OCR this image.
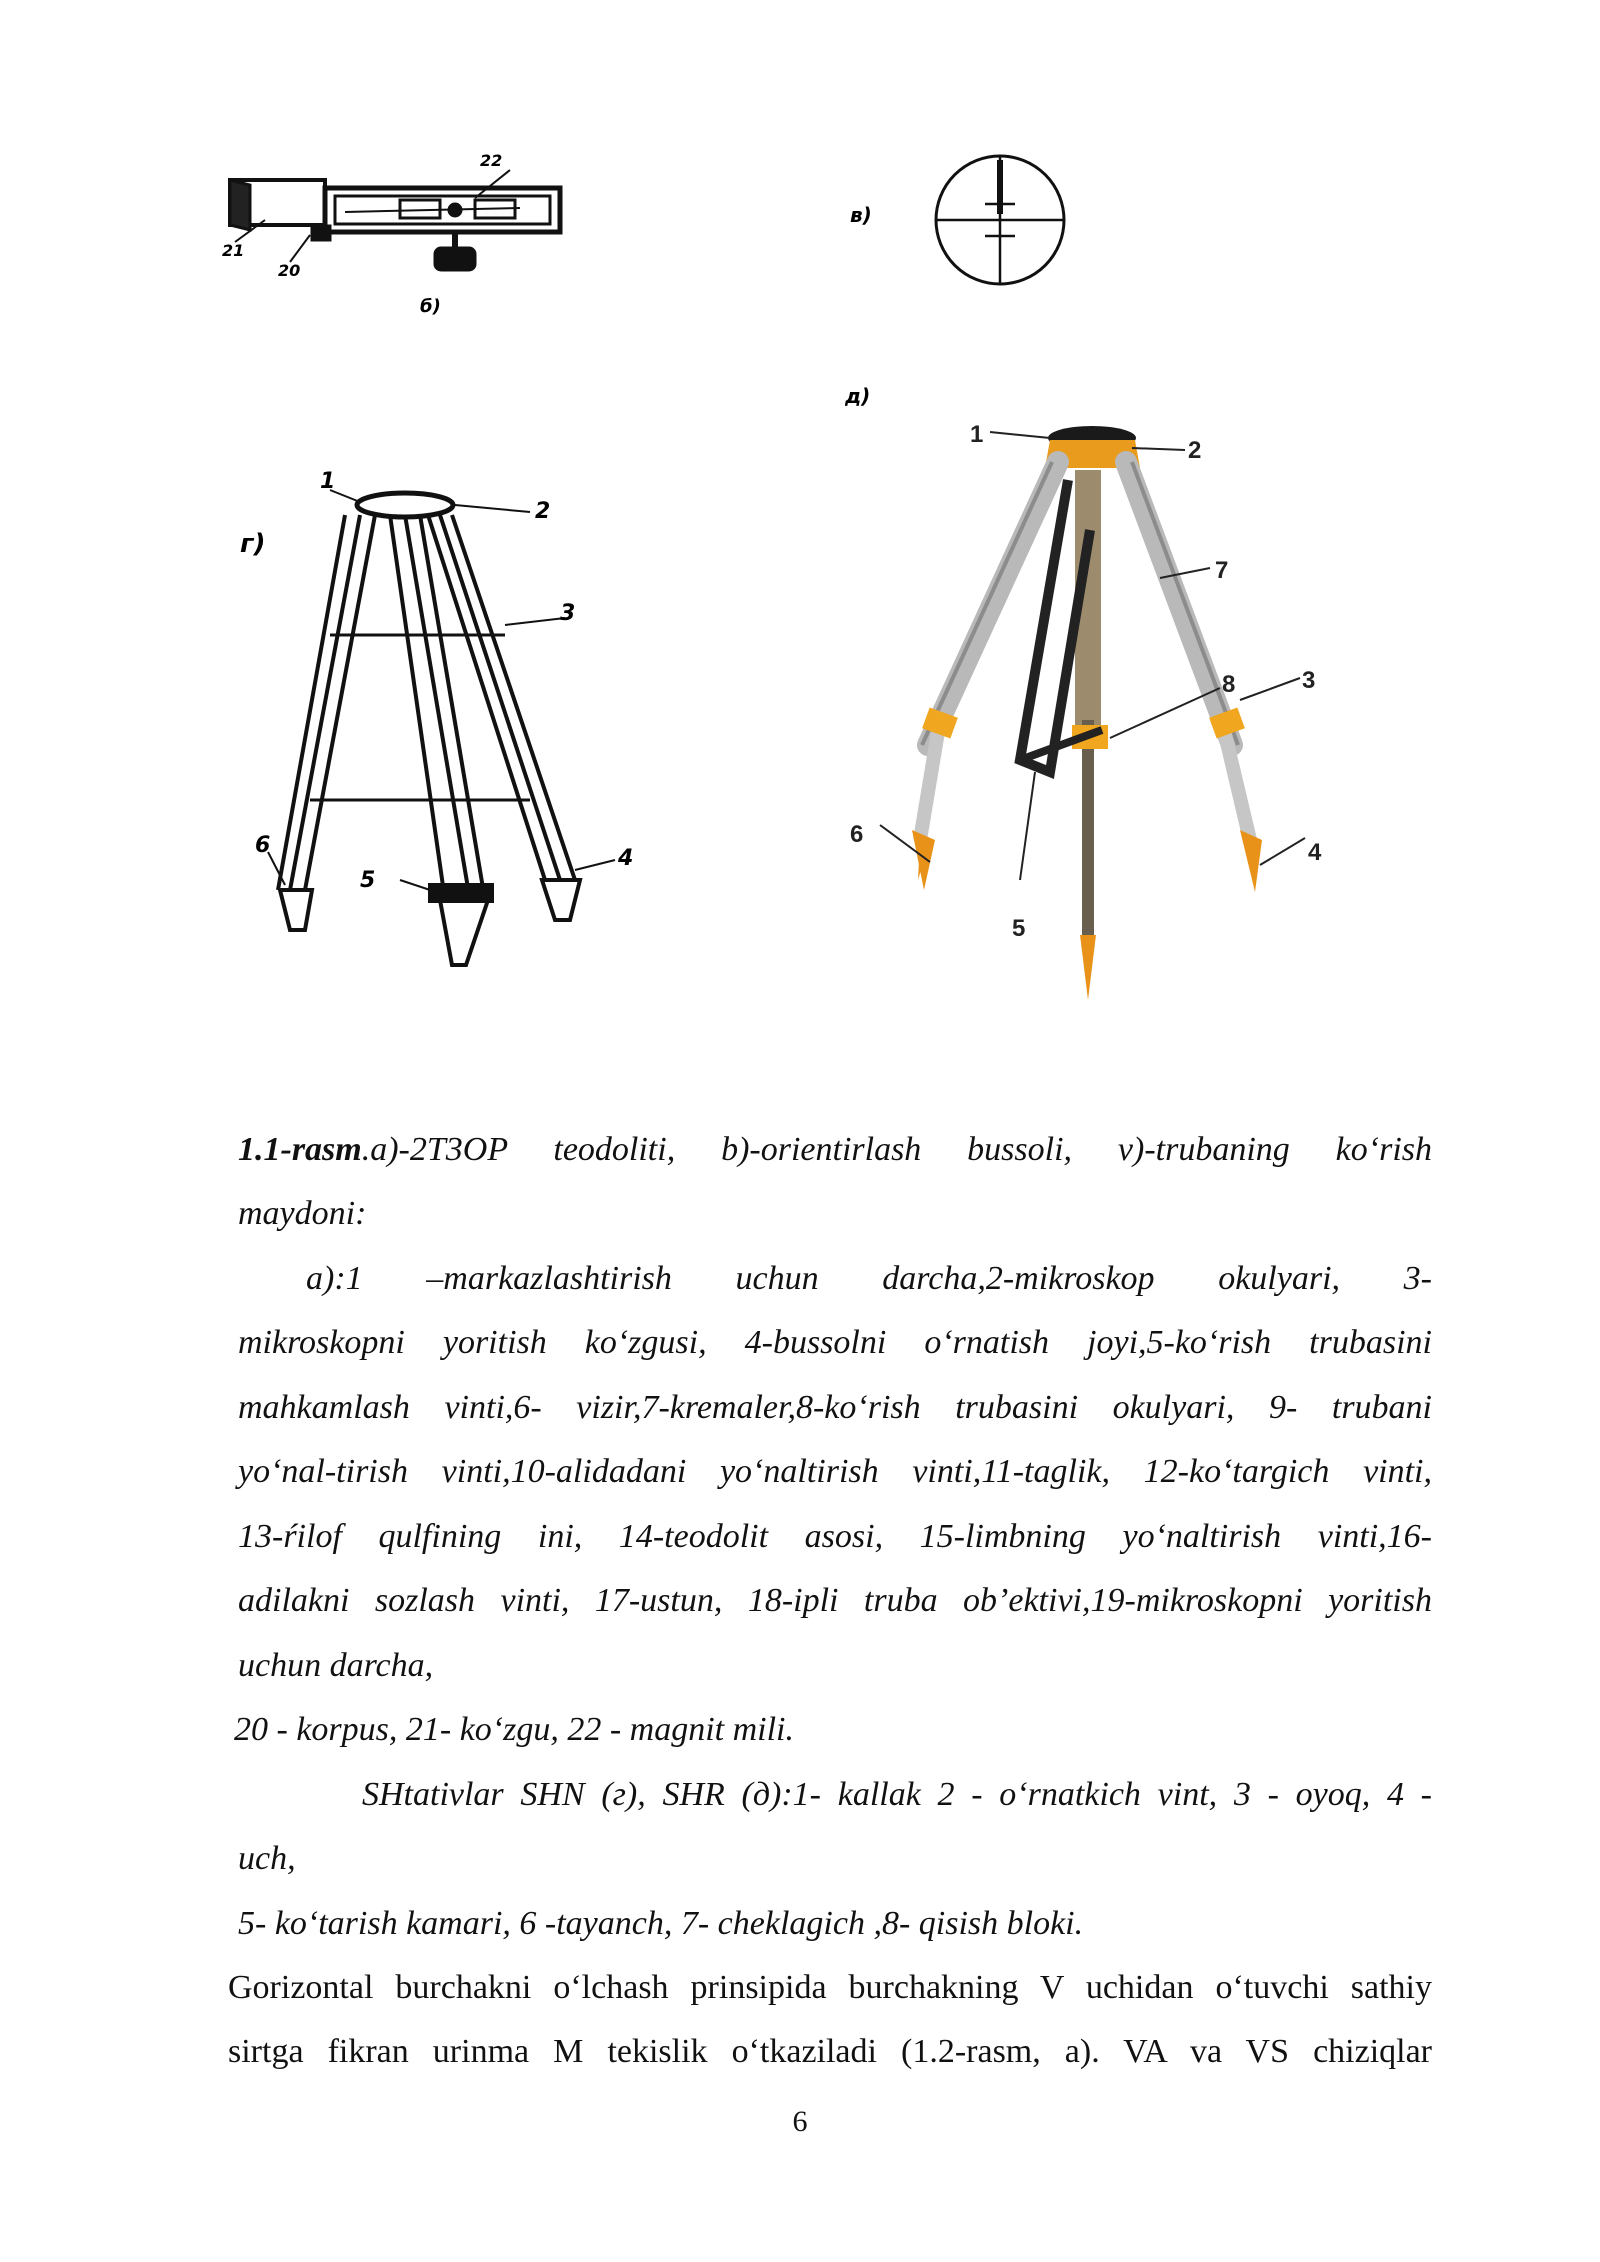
22
21
20
б)
в)
д)
г)
1
2
3
4
5
6
1
2
7
8	3
4
6
5
1.1-rasm.a)-2T3OP teodoliti, b)-orientirlash bussoli, v)-trubaning ko‘rish
maydoni:
a):1 –markazlashtirish uchun darcha,2-mikroskop okulyari, 3-
mikroskopni yoritish ko‘zgusi, 4-bussolni o‘rnatish joyi,5-ko‘rish trubasini
mahkamlash vinti,6- vizir,7-kremaler,8-ko‘rish trubasini okulyari, 9- trubani
yo‘nal-tirish vinti,10-alidadani yo‘naltirish vinti,11-taglik, 12-ko‘targich vinti,
13-ŕilof qulfining ini, 14-teodolit asosi, 15-limbning yo‘naltirish vinti,16-
adilakni sozlash vinti, 17-ustun, 18-ipli truba ob’ektivi,19-mikroskopni yoritish
uchun darcha,
20 - korpus, 21- ko‘zgu, 22 - magnit mili.
SHtativlar SHN (г), SHR (д):1- kallak 2 - o‘rnatkich vint, 3 - oyoq, 4 -
uch,
5- ko‘tarish kamari, 6 -tayanch, 7- cheklagich ,8- qisish bloki.
Gorizontal burchakni o‘lchash prinsipida burchakning V uchidan o‘tuvchi sathiy
sirtga fikran urinma M tekislik o‘tkaziladi (1.2-rasm, a). VA va VS chiziqlar
6
